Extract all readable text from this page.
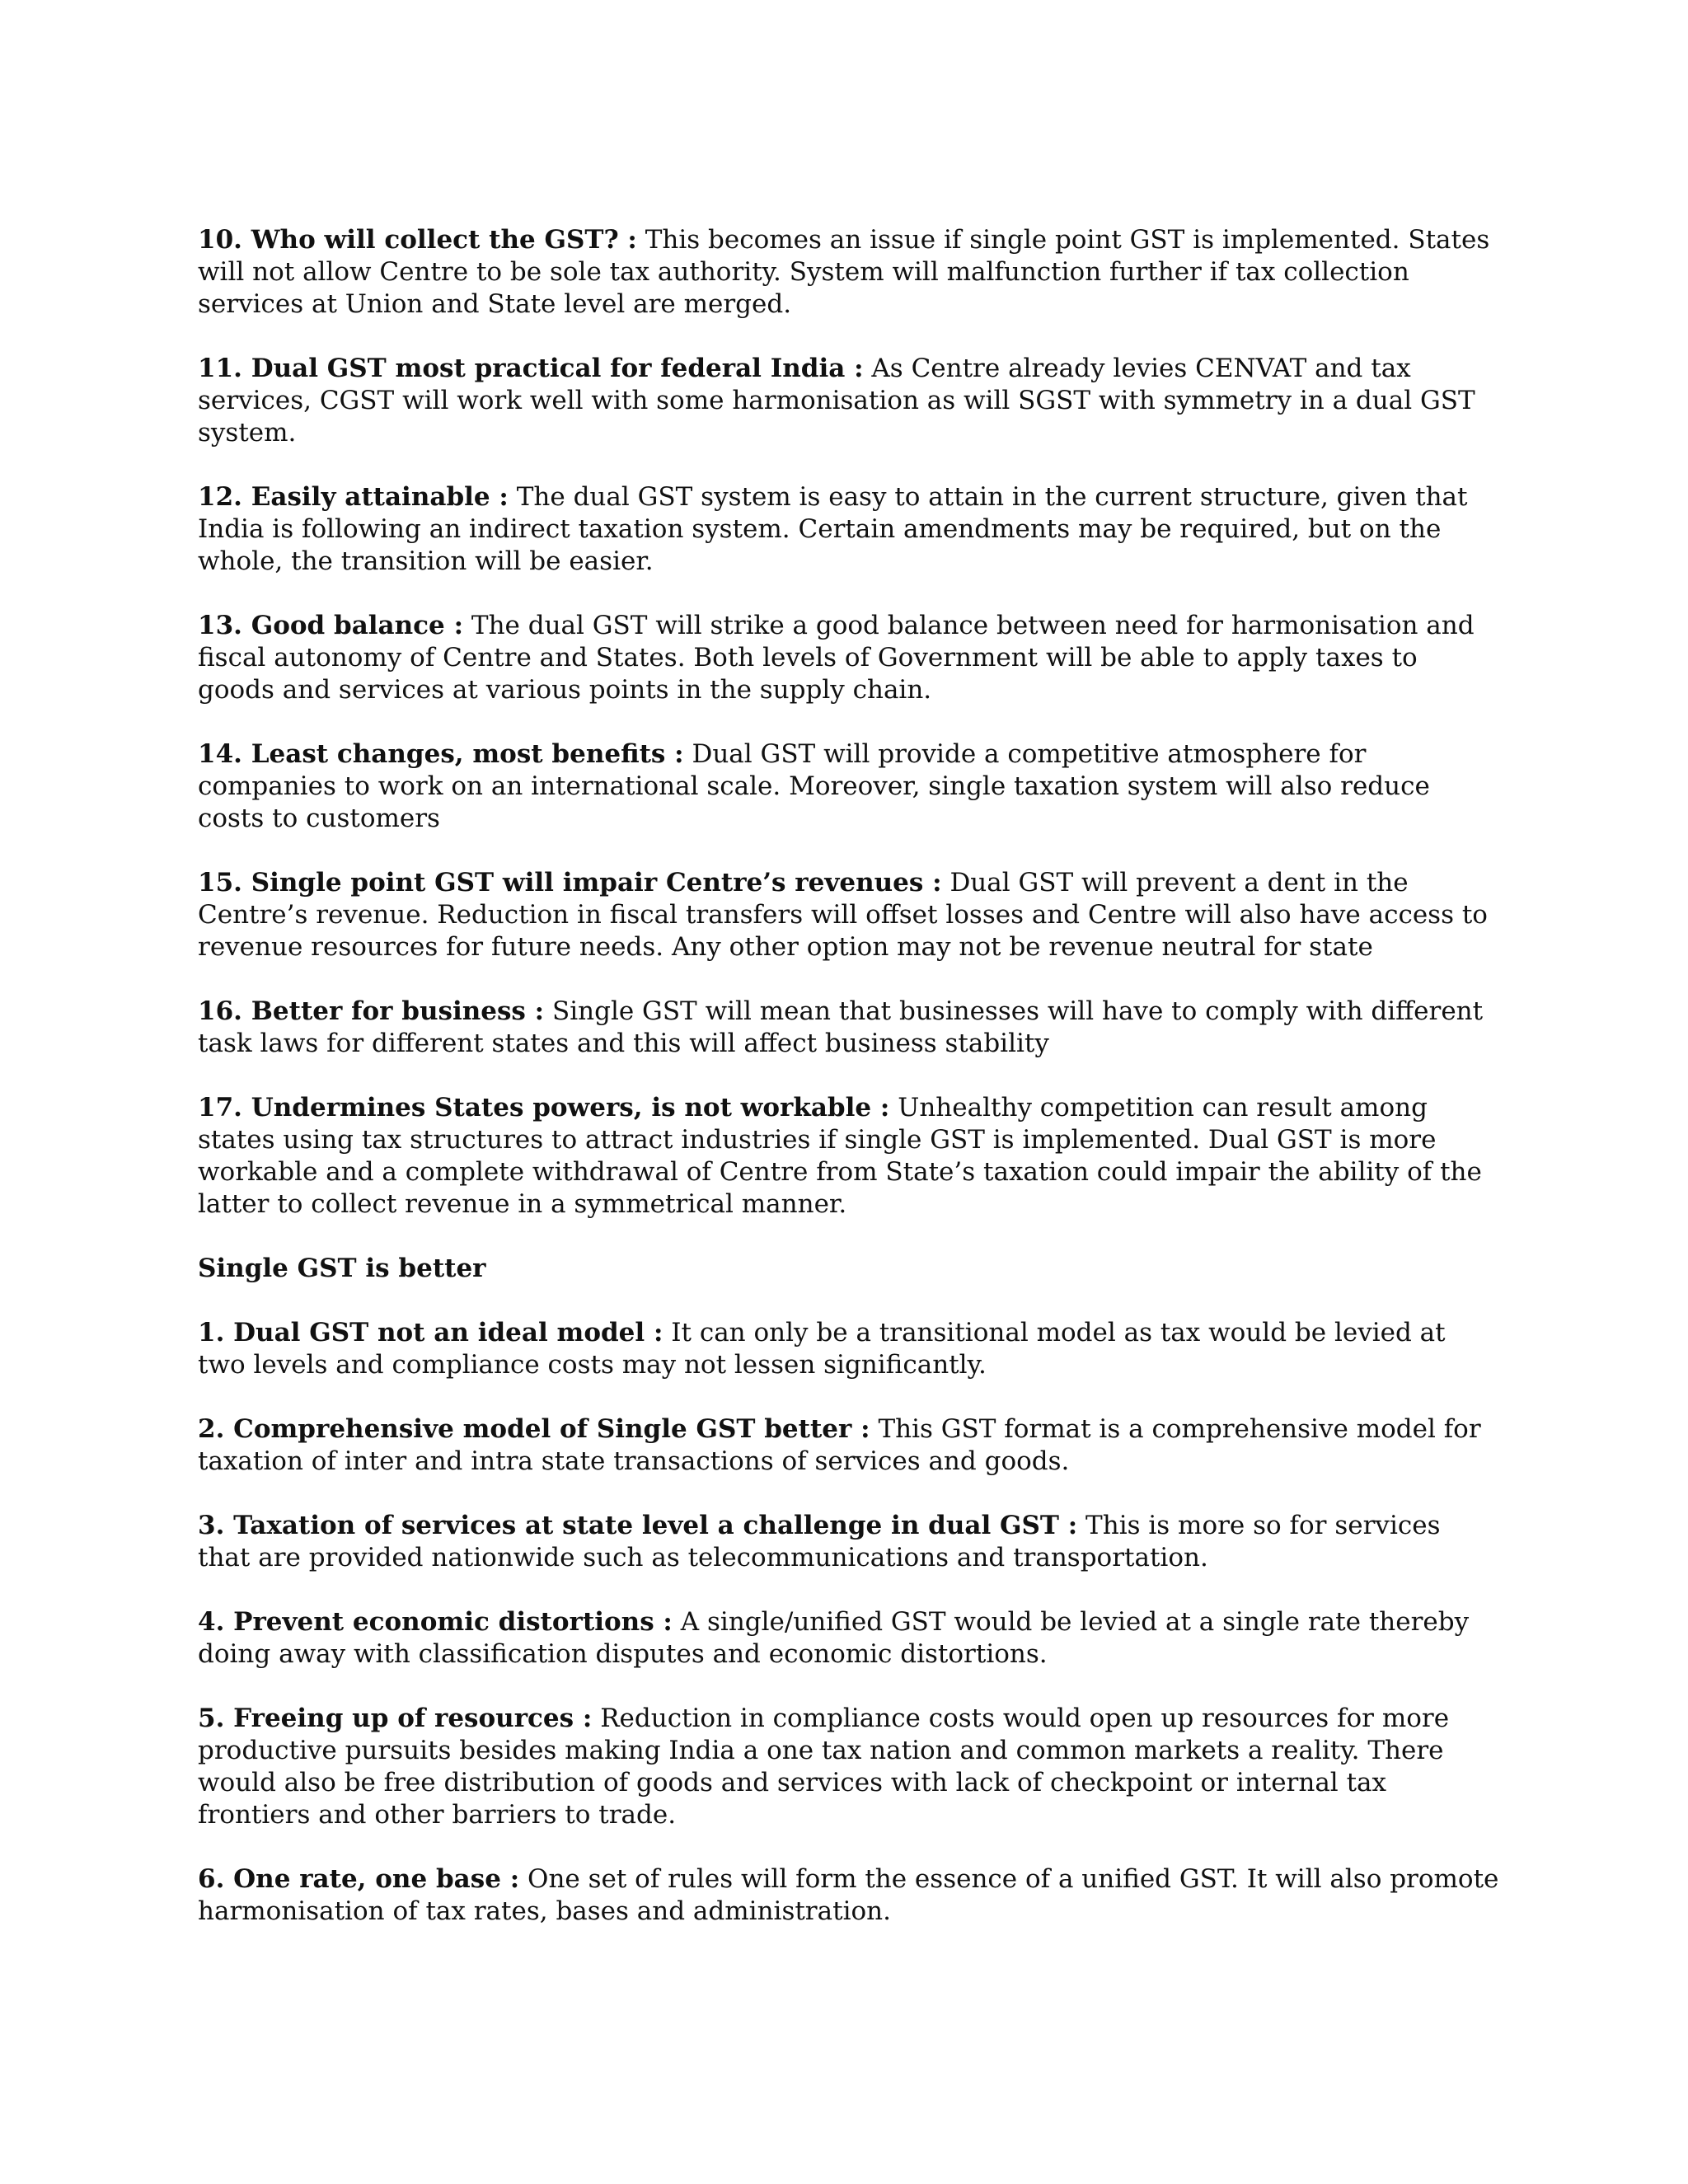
10. Who will collect the GST? : This becomes an issue if single point GST is implemented. States will not allow Centre to be sole tax authority. System will malfunction further if tax collection services at Union and State level are merged.
11. Dual GST most practical for federal India : As Centre already levies CENVAT and tax services, CGST will work well with some harmonisation as will SGST with symmetry in a dual GST system.
12. Easily attainable : The dual GST system is easy to attain in the current structure, given that India is following an indirect taxation system. Certain amendments may be required, but on the whole, the transition will be easier.
13. Good balance : The dual GST will strike a good balance between need for harmonisation and fiscal autonomy of Centre and States. Both levels of Government will be able to apply taxes to goods and services at various points in the supply chain.
14. Least changes, most benefits : Dual GST will provide a competitive atmosphere for companies to work on an international scale. Moreover, single taxation system will also reduce costs to customers
15. Single point GST will impair Centre’s revenues : Dual GST will prevent a dent in the Centre’s revenue. Reduction in fiscal transfers will offset losses and Centre will also have access to revenue resources for future needs. Any other option may not be revenue neutral for state
16. Better for business : Single GST will mean that businesses will have to comply with different task laws for different states and this will affect business stability
17. Undermines States powers, is not workable : Unhealthy competition can result among states using tax structures to attract industries if single GST is implemented. Dual GST is more workable and a complete withdrawal of Centre from State’s taxation could impair the ability of the latter to collect revenue in a symmetrical manner.
Single GST is better
1. Dual GST not an ideal model : It can only be a transitional model as tax would be levied at two levels and compliance costs may not lessen significantly.
2. Comprehensive model of Single GST better : This GST format is a comprehensive model for taxation of inter and intra state transactions of services and goods.
3. Taxation of services at state level a challenge in dual GST : This is more so for services that are provided nationwide such as telecommunications and transportation.
4. Prevent economic distortions : A single/unified GST would be levied at a single rate thereby doing away with classification disputes and economic distortions.
5. Freeing up of resources : Reduction in compliance costs would open up resources for more productive pursuits besides making India a one tax nation and common markets a reality. There would also be free distribution of goods and services with lack of checkpoint or internal tax frontiers and other barriers to trade.
6. One rate, one base : One set of rules will form the essence of a unified GST. It will also promote harmonisation of tax rates, bases and administration.
